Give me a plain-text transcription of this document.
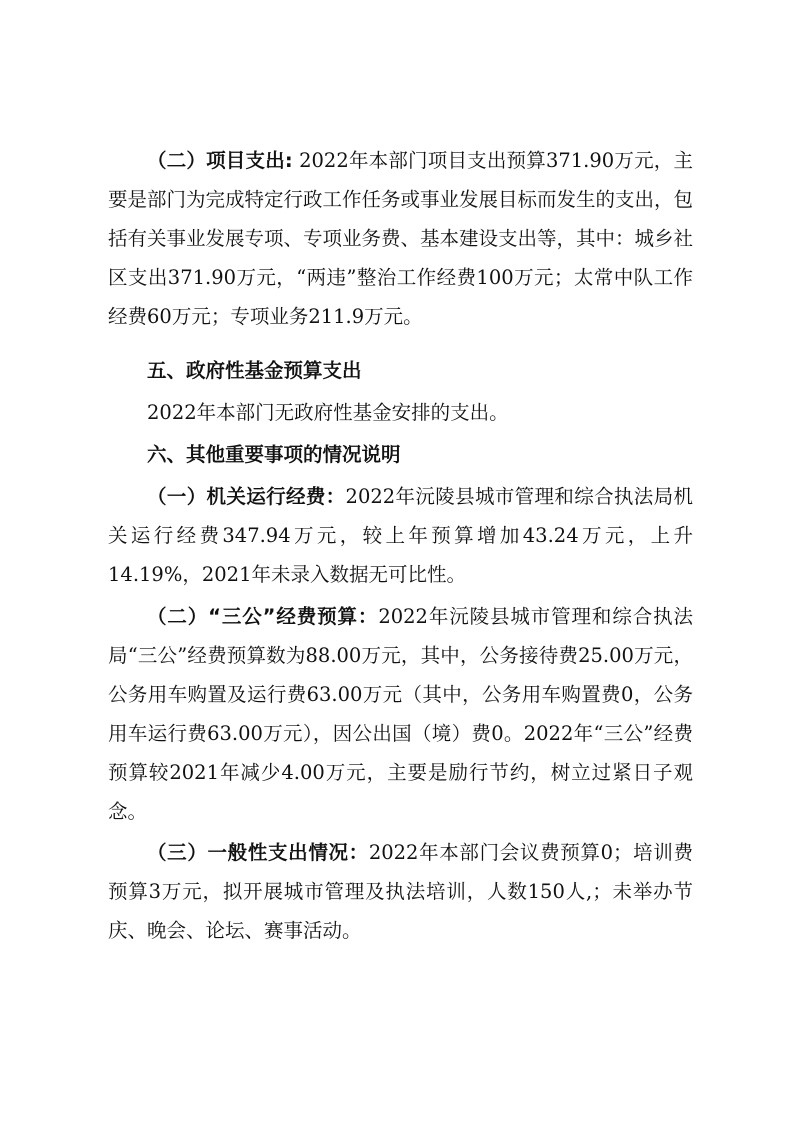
（二）项目支出: 2022年本部门项目支出预算371.90万元，主要是部门为完成特定行政工作任务或事业发展目标而发生的支出，包括有关事业发展专项、专项业务费、基本建设支出等，其中：城乡社区支出371.90万元，“两违”整治工作经费100万元；太常中队工作经费60万元；专项业务211.9万元。

五、政府性基金预算支出

2022年本部门无政府性基金安排的支出。

六、其他重要事项的情况说明

（一）机关运行经费：2022年沅陵县城市管理和综合执法局机关运行经费347.94万元，较上年预算增加43.24万元，上升14.19%，2021年未录入数据无可比性。

（二）“三公”经费预算：2022年沅陵县城市管理和综合执法局“三公”经费预算数为88.00万元，其中，公务接待费25.00万元，公务用车购置及运行费63.00万元（其中，公务用车购置费0，公务用车运行费63.00万元），因公出国（境）费0。2022年“三公”经费预算较2021年减少4.00万元，主要是励行节约，树立过紧日子观念。

（三）一般性支出情况：2022年本部门会议费预算0；培训费预算3万元，拟开展城市管理及执法培训，人数150人,；未举办节庆、晚会、论坛、赛事活动。
